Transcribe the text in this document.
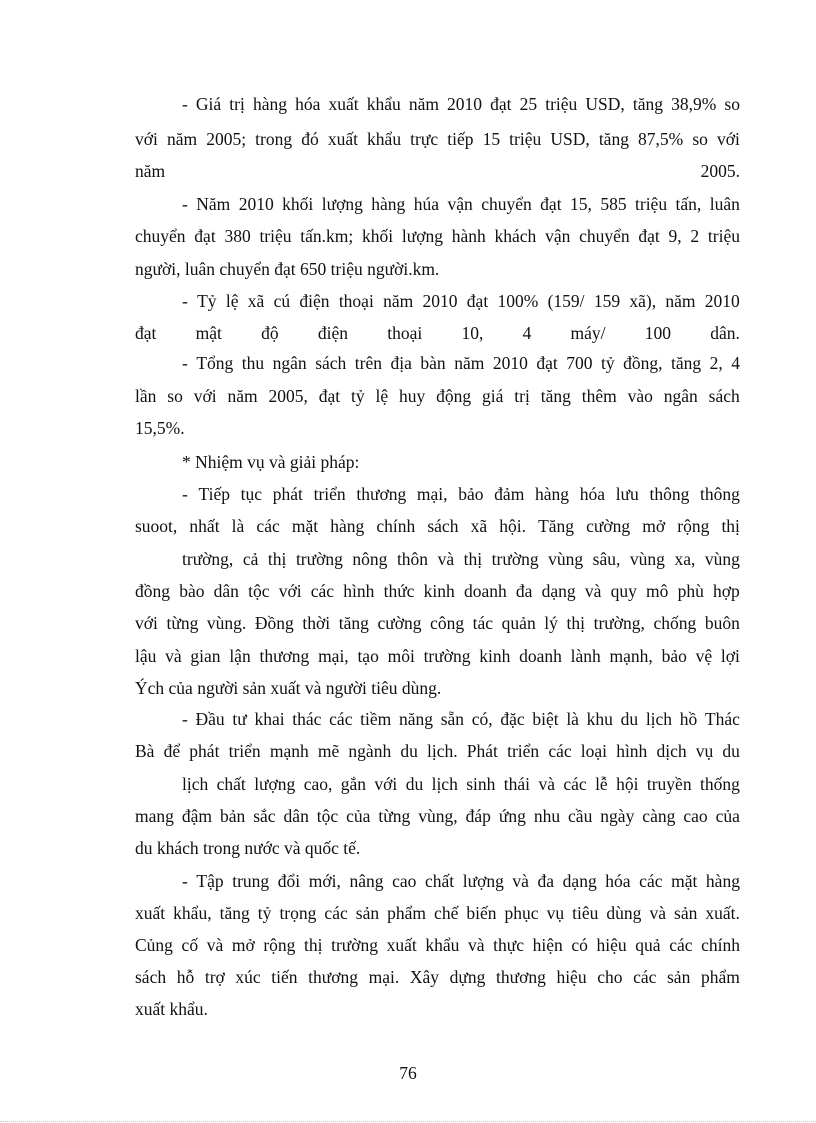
- Giá trị hàng hóa xuất khẩu năm 2010 đạt 25 triệu USD, tăng 38,9% so
với năm 2005; trong đó xuất khẩu trực tiếp 15 triệu USD, tăng 87,5% so với
năm	2005.
- Năm 2010 khối lượng hàng húa vận chuyển đạt 15, 585 triệu tấn, luân
chuyển đạt 380 triệu tấn.km; khối lượng hành khách vận chuyển đạt 9, 2 triệu
người, luân chuyển đạt 650 triệu người.km.
- Tỷ lệ xã cú điện thoại năm 2010 đạt 100% (159/ 159 xã), năm 2010
đạt mật độ điện thoại 10, 4 máy/ 100 dân.
- Tổng thu ngân sách trên địa bàn năm 2010 đạt 700 tỷ đồng, tăng 2, 4
lần so với năm 2005, đạt tỷ lệ huy động giá trị tăng thêm vào ngân sách
15,5%.
* Nhiệm vụ và giải pháp:
- Tiếp tục phát triển thương mại, bảo đảm hàng hóa lưu thông thông
suoot, nhất là các mặt hàng chính sách xã hội. Tăng cường mở rộng thị
trường, cả thị trường nông thôn và thị trường vùng sâu, vùng xa, vùng
đồng bào dân tộc với các hình thức kinh doanh đa dạng và quy mô phù hợp
với từng vùng. Đồng thời tăng cường công tác quản lý thị trường, chống buôn
lậu và gian lận thương mại, tạo môi trường kinh doanh lành mạnh, bảo vệ lợi
Ých của người sản xuất và người tiêu dùng.
- Đầu tư khai thác các tiềm năng sẵn có, đặc biệt là khu du lịch hồ Thác
Bà để phát triển mạnh mẽ ngành du lịch. Phát triển các loại hình dịch vụ du
lịch chất lượng cao, gắn với du lịch sinh thái và các lễ hội truyền thống
mang đậm bản sắc dân tộc của từng vùng, đáp ứng nhu cầu ngày càng cao của
du khách trong nước và quốc tế.
- Tập trung đổi mới, nâng cao chất lượng và đa dạng hóa các mặt hàng
xuất khẩu, tăng tỷ trọng các sản phẩm chế biến phục vụ tiêu dùng và sản xuất.
Củng cố và mở rộng thị trường xuất khẩu và thực hiện có hiệu quả các chính
sách hỗ trợ xúc tiến thương mại. Xây dựng thương hiệu cho các sản phẩm
xuất khẩu.
76
